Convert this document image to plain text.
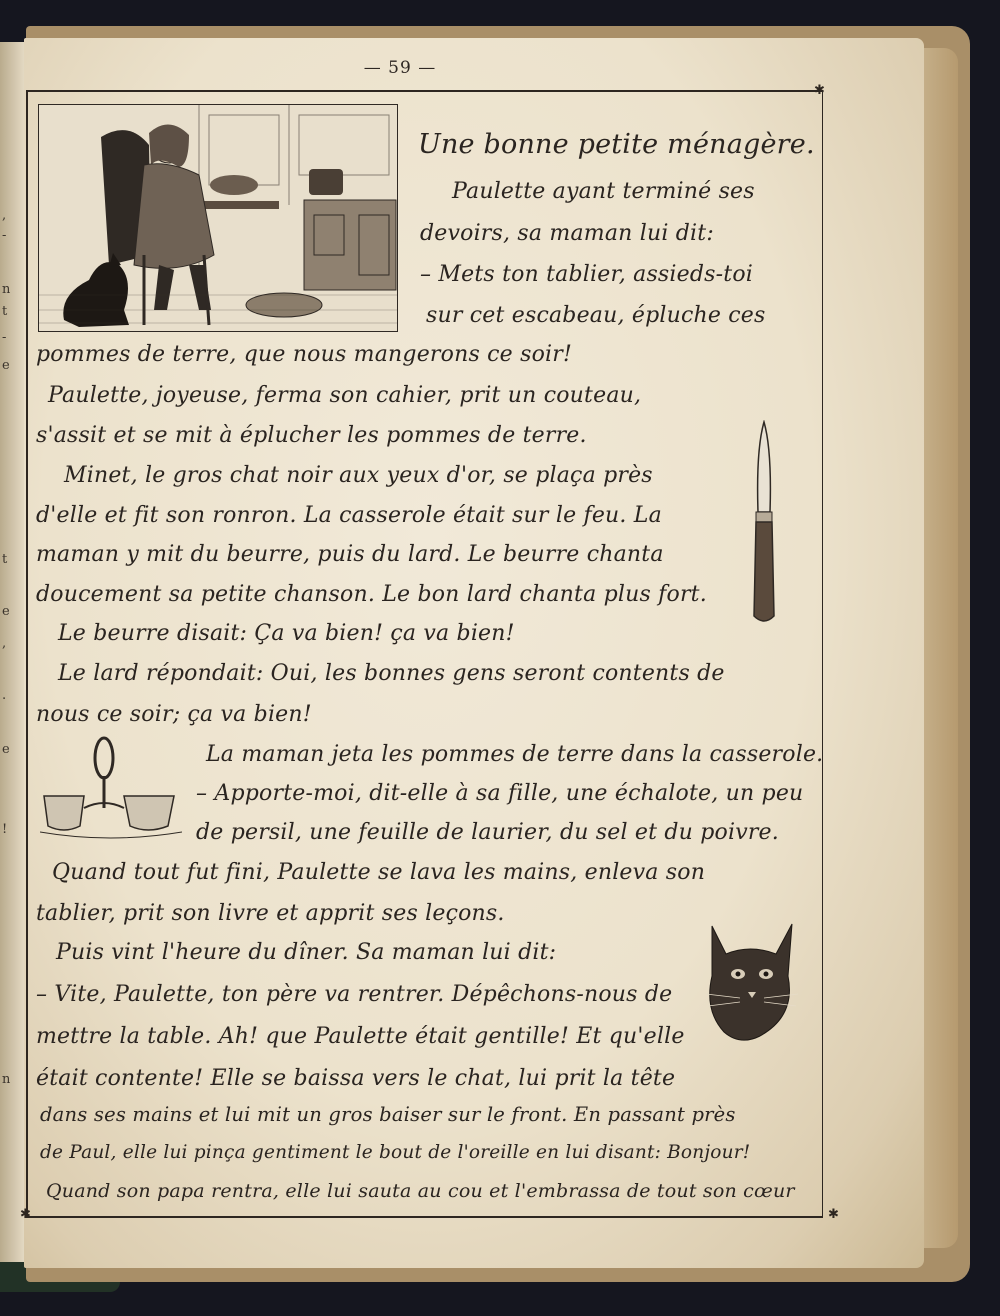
,
-
n
t
-
e
t
e
,
.
e
!
n
— 59 —
✱
✱	✱
Une bonne petite ménagère.
Paulette ayant terminé ses
devoirs, sa maman lui dit:
– Mets ton tablier, assieds-toi
sur cet escabeau, épluche ces
pommes de terre, que nous mangerons ce soir!
Paulette, joyeuse, ferma son cahier, prit un couteau,
s'assit et se mit à éplucher les pommes de terre.
Minet, le gros chat noir aux yeux d'or, se plaça près
d'elle et fit son ronron. La casserole était sur le feu. La
maman y mit du beurre, puis du lard. Le beurre chanta
doucement sa petite chanson. Le bon lard chanta plus fort.
Le beurre disait: Ça va bien! ça va bien!
Le lard répondait: Oui, les bonnes gens seront contents de
nous ce soir; ça va bien!
La maman jeta les pommes de terre dans la casserole.
– Apporte-moi, dit-elle à sa fille, une échalote, un peu
de persil, une feuille de laurier, du sel et du poivre.
Quand tout fut fini, Paulette se lava les mains, enleva son
tablier, prit son livre et apprit ses leçons.
Puis vint l'heure du dîner. Sa maman lui dit:
– Vite, Paulette, ton père va rentrer. Dépêchons-nous de
mettre la table. Ah! que Paulette était gentille! Et qu'elle
était contente! Elle se baissa vers le chat, lui prit la tête
dans ses mains et lui mit un gros baiser sur le front. En passant près
de Paul, elle lui pinça gentiment le bout de l'oreille en lui disant: Bonjour!
Quand son papa rentra, elle lui sauta au cou et l'embrassa de tout son cœur
